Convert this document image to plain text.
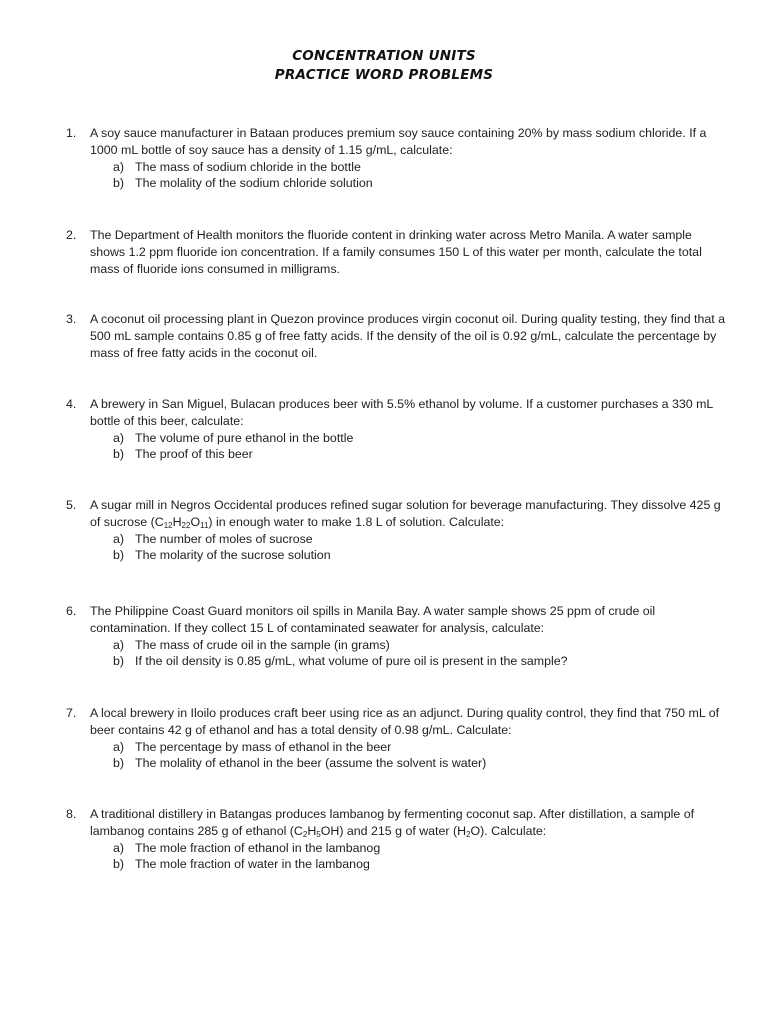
CONCENTRATION UNITS
PRACTICE WORD PROBLEMS
1.	A soy sauce manufacturer in Bataan produces premium soy sauce containing 20% by mass sodium chloride. If a 1000 mL bottle of soy sauce has a density of 1.15 g/mL, calculate:
a) The mass of sodium chloride in the bottle
b) The molality of the sodium chloride solution
2.	The Department of Health monitors the fluoride content in drinking water across Metro Manila. A water sample shows 1.2 ppm fluoride ion concentration. If a family consumes 150 L of this water per month, calculate the total mass of fluoride ions consumed in milligrams.
3.	A coconut oil processing plant in Quezon province produces virgin coconut oil. During quality testing, they find that a 500 mL sample contains 0.85 g of free fatty acids. If the density of the oil is 0.92 g/mL, calculate the percentage by mass of free fatty acids in the coconut oil.
4.	A brewery in San Miguel, Bulacan produces beer with 5.5% ethanol by volume. If a customer purchases a 330 mL bottle of this beer, calculate:
a) The volume of pure ethanol in the bottle
b) The proof of this beer
5.	A sugar mill in Negros Occidental produces refined sugar solution for beverage manufacturing. They dissolve 425 g of sucrose $(C_{12}H_{22}O_{11})$ in enough water to make 1.8 L of solution. Calculate:
a) The number of moles of sucrose
b) The molarity of the sucrose solution
6.	The Philippine Coast Guard monitors oil spills in Manila Bay. A water sample shows 25 ppm of crude oil contamination. If they collect 15 L of contaminated seawater for analysis, calculate:
a) The mass of crude oil in the sample (in grams)
b) If the oil density is 0.85 g/mL, what volume of pure oil is present in the sample?
7.	A local brewery in Iloilo produces craft beer using rice as an adjunct. During quality control, they find that 750 mL of beer contains 42 g of ethanol and has a total density of 0.98 g/mL. Calculate:
a) The percentage by mass of ethanol in the beer
b) The molality of ethanol in the beer (assume the solvent is water)
8.	A traditional distillery in Batangas produces lambanog by fermenting coconut sap. After distillation, a sample of lambanog contains 285 g of ethanol $(C_2H_5OH)$ and 215 g of water $(H_2O)$. Calculate:
a) The mole fraction of ethanol in the lambanog
b) The mole fraction of water in the lambanog
